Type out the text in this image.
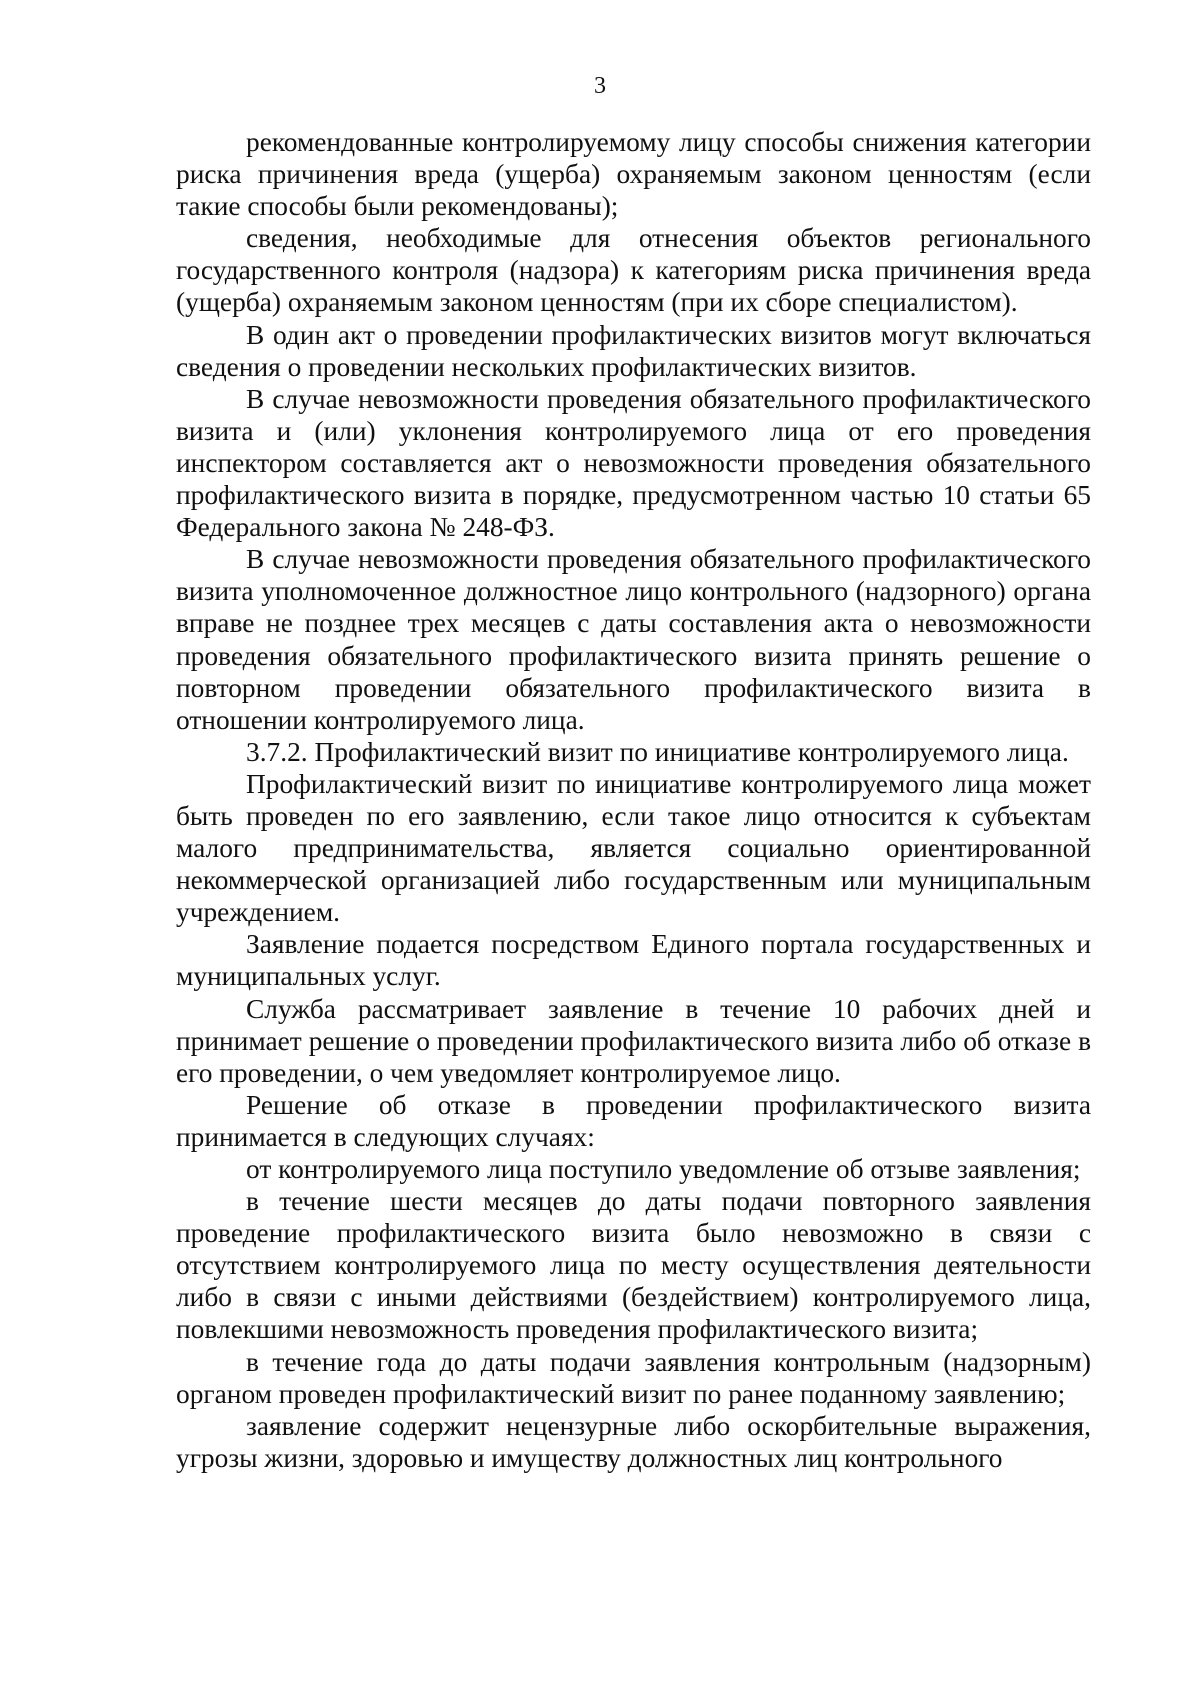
3

рекомендованные контролируемому лицу способы снижения категории риска причинения вреда (ущерба) охраняемым законом ценностям (если такие способы были рекомендованы);

сведения, необходимые для отнесения объектов регионального государственного контроля (надзора) к категориям риска причинения вреда (ущерба) охраняемым законом ценностям (при их сборе специалистом).

В один акт о проведении профилактических визитов могут включаться сведения о проведении нескольких профилактических визитов.

В случае невозможности проведения обязательного профилактического визита и (или) уклонения контролируемого лица от его проведения инспектором составляется акт о невозможности проведения обязательного профилактического визита в порядке, предусмотренном частью 10 статьи 65 Федерального закона № 248-ФЗ.

В случае невозможности проведения обязательного профилактического визита уполномоченное должностное лицо контрольного (надзорного) органа вправе не позднее трех месяцев с даты составления акта о невозможности проведения обязательного профилактического визита принять решение о повторном проведении обязательного профилактического визита в отношении контролируемого лица.

3.7.2. Профилактический визит по инициативе контролируемого лица.

Профилактический визит по инициативе контролируемого лица может быть проведен по его заявлению, если такое лицо относится к субъектам малого предпринимательства, является социально ориентированной некоммерческой организацией либо государственным или муниципальным учреждением.

Заявление подается посредством Единого портала государственных и муниципальных услуг.

Служба рассматривает заявление в течение 10 рабочих дней и принимает решение о проведении профилактического визита либо об отказе в его проведении, о чем уведомляет контролируемое лицо.

Решение об отказе в проведении профилактического визита принимается в следующих случаях:

от контролируемого лица поступило уведомление об отзыве заявления;

в течение шести месяцев до даты подачи повторного заявления проведение профилактического визита было невозможно в связи с отсутствием контролируемого лица по месту осуществления деятельности либо в связи с иными действиями (бездействием) контролируемого лица, повлекшими невозможность проведения профилактического визита;

в течение года до даты подачи заявления контрольным (надзорным) органом проведен профилактический визит по ранее поданному заявлению;

заявление содержит нецензурные либо оскорбительные выражения, угрозы жизни, здоровью и имуществу должностных лиц контрольного
